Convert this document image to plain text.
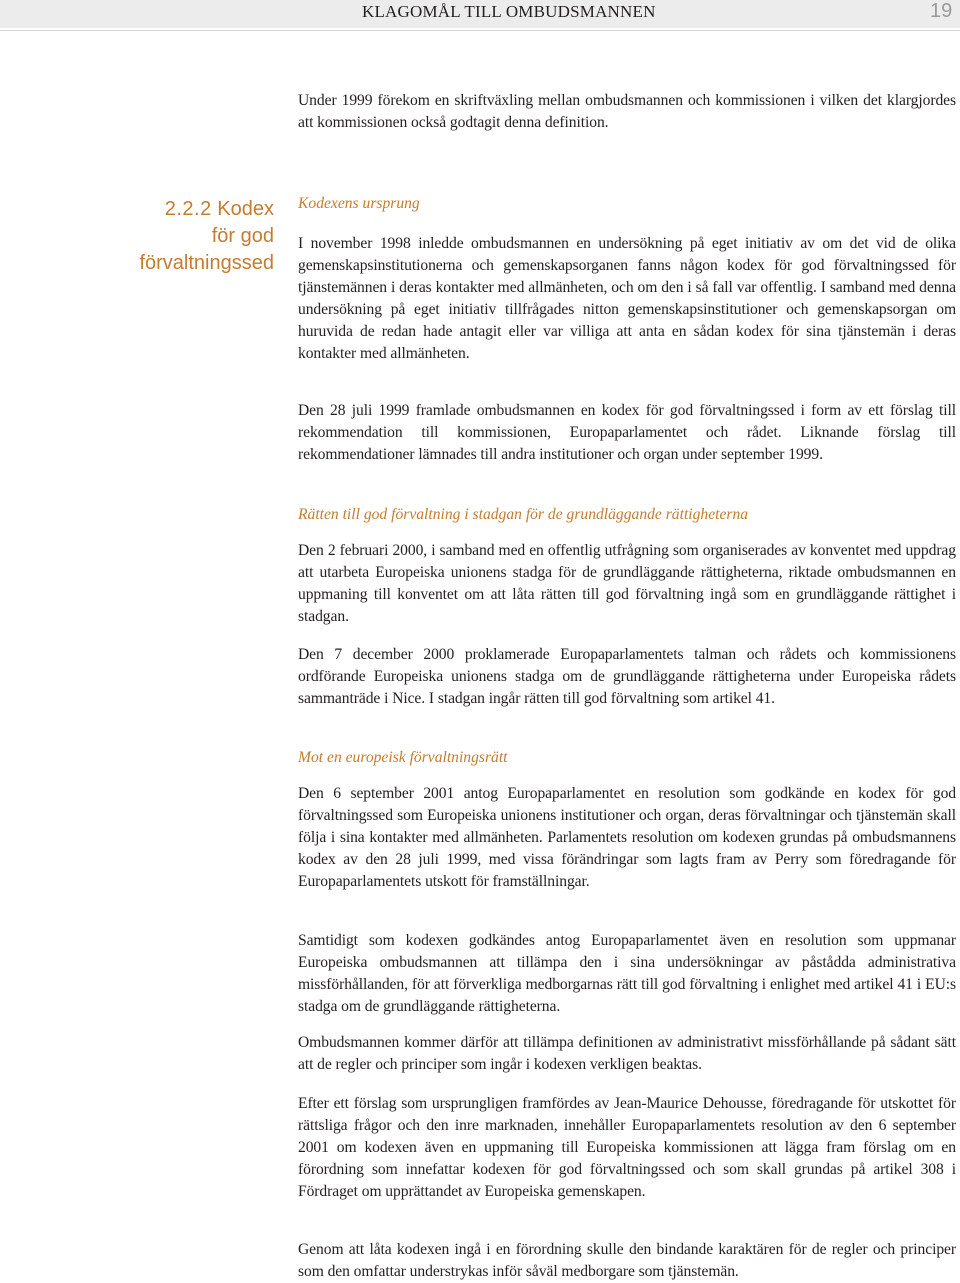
KLAGOMÅL TILL OMBUDSMANNEN	19

Under 1999 förekom en skriftväxling mellan ombudsmannen och kommissionen i vilken det klargjordes att kommissionen också godtagit denna definition.

2.2.2 Kodex
för god
förvaltningssed
Kodexens ursprung

I november 1998 inledde ombudsmannen en undersökning på eget initiativ av om det vid de olika gemenskapsinstitutionerna och gemenskapsorganen fanns någon kodex för god förvaltningssed för tjänstemännen i deras kontakter med allmänheten, och om den i så fall var offentlig. I samband med denna undersökning på eget initiativ tillfrågades nitton gemenskapsinstitutioner och gemenskapsorgan om huruvida de redan hade antagit eller var villiga att anta en sådan kodex för sina tjänstemän i deras kontakter med allmänheten.

Den 28 juli 1999 framlade ombudsmannen en kodex för god förvaltningssed i form av ett förslag till rekommendation till kommissionen, Europaparlamentet och rådet. Liknande förslag till rekommendationer lämnades till andra institutioner och organ under september 1999.

Rätten till god förvaltning i stadgan för de grundläggande rättigheterna

Den 2 februari 2000, i samband med en offentlig utfrågning som organiserades av konventet med uppdrag att utarbeta Europeiska unionens stadga för de grundläggande rättigheterna, riktade ombudsmannen en uppmaning till konventet om att låta rätten till god förvaltning ingå som en grundläggande rättighet i stadgan.

Den 7 december 2000 proklamerade Europaparlamentets talman och rådets och kommissionens ordförande Europeiska unionens stadga om de grundläggande rättigheterna under Europeiska rådets sammanträde i Nice. I stadgan ingår rätten till god förvaltning som artikel 41.

Mot en europeisk förvaltningsrätt

Den 6 september 2001 antog Europaparlamentet en resolution som godkände en kodex för god förvaltningssed som Europeiska unionens institutioner och organ, deras förvaltningar och tjänstemän skall följa i sina kontakter med allmänheten. Parlamentets resolution om kodexen grundas på ombudsmannens kodex av den 28 juli 1999, med vissa förändringar som lagts fram av Perry som föredragande för Europaparlamentets utskott för framställningar.

Samtidigt som kodexen godkändes antog Europaparlamentet även en resolution som uppmanar Europeiska ombudsmannen att tillämpa den i sina undersökningar av påstådda administrativa missförhållanden, för att förverkliga medborgarnas rätt till god förvaltning i enlighet med artikel 41 i EU:s stadga om de grundläggande rättigheterna.

Ombudsmannen kommer därför att tillämpa definitionen av administrativt missförhållande på sådant sätt att de regler och principer som ingår i kodexen verkligen beaktas.

Efter ett förslag som ursprungligen framfördes av Jean-Maurice Dehousse, föredragande för utskottet för rättsliga frågor och den inre marknaden, innehåller Europaparlamentets resolution av den 6 september 2001 om kodexen även en uppmaning till Europeiska kommissionen att lägga fram förslag om en förordning som innefattar kodexen för god förvaltningssed och som skall grundas på artikel 308 i Fördraget om upprättandet av Europeiska gemenskapen.

Genom att låta kodexen ingå i en förordning skulle den bindande karaktären för de regler och principer som den omfattar understrykas inför såväl medborgare som tjänstemän.
